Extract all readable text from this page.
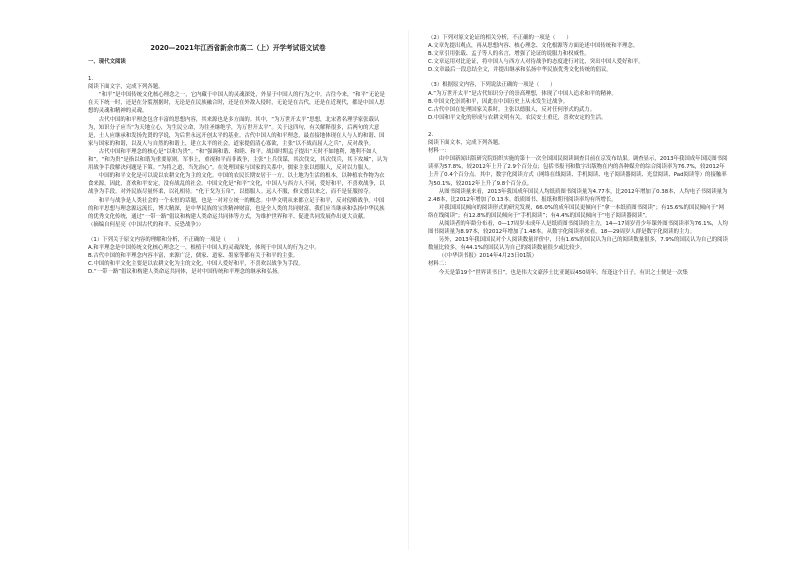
2020—2021年江西省新余市高二（上）开学考试语文试卷

一、现代文阅读

1.

阅读下面文字，完成下列各题。

“和平”是中国传统文化核心理念之一，它内藏于中国人的灵魂深处，外显于中国人的行为之中。古往今来，“和平”无论是在天下统一时，还是在分裂割据时，无论是在民族融合时，还是在外敌入侵时，无论是在古代，还是在近现代，都是中国人思想的灵魂和精神的灵魂。

古代中国的和平理念包含丰富的思想内容，其来源也是多方面的。其中，“为万世开太平”思想，北宋著名理学家张载认为，知识分子应当“为天地立心，为生民立命，为往圣继绝学，为万世开太平”。关于这四句，有关解释很多，后两句的大意是，士人应继承和发扬先贤的学说，为后世永远开创太平的基业。古代中国人的和平理念，最直接地体现在人与人的和谐、国家与国家的和谐，以及人与自然的和谐上，建立太平的社会。道家提倡清心寡欲，主张“以不战而屈人之兵”，反对战争。

古代中国和平理念的核心是“以和为贵”。“和”强调和谐、和睦、和平。战国时期孟子提出“天时不如地利，地利不如人和”。“和为贵”是指以和谐为重要原则。军事上，重视和平而非战争，主张“上兵伐谋，其次伐交，其次伐兵，其下攻城”，认为用战争手段解决问题是下策。“为将之道，当先治心”。在处理国家与国家的关系中，儒家主张以德服人，反对以力服人。

中国的和平文化是可以说以农耕文化为主的文化。中国的农民长期安居于一方，以土地为生活的根本，以种植农作物为衣食来源，因此，喜欢和平安定，没有战乱的社会。中国文化是“和平”文化，中国人与西方人不同，爱好和平，不喜欢战争，以战争为手段。对外民族尽量怀柔，以礼相待。“化干戈为玉帛”，以德服人。远人不服，修文德以来之，而不是征服掠夺。

和平与战争是人类社会的一个永恒的话题，也是一对对立统一的概念。中华文明从来都立足于和平，反对侵略战争。中国的和平思想与理念源远流长，博大精深，是中华民族的宝贵精神财富，也是全人类的共同财富。我们应当继承和弘扬中华民族的优秀文化传统，通过“一带一路”倡议和构建人类命运共同体等方式，为维护世界和平、促进共同发展作出更大贡献。

（摘编自何星亮《中国古代的和平、反恐战争》）

（1）下列关于原文内容的理解和分析，不正确的一项是（　　）

A.和平理念是中国传统文化核心理念之一，根植于中国人的灵魂深处，体现于中国人的行为之中。

B.古代中国的和平理念内容丰富，来源广泛，儒家、道家、墨家等都有关于和平的主张。

C.中国的和平文化主要是以农耕文化为主的文化，中国人爱好和平，不喜欢以战争为手段。

D.“一带一路”倡议和构建人类命运共同体，是对中国传统和平理念的继承和弘扬。

（2）下列对原文论证的相关分析，不正确的一项是（　　）

A.文章先提出观点，再从思想内容、核心理念、文化根源等方面论述中国传统和平理念。

B.文章引用张载、孟子等人的名言，增强了论证的说服力和权威性。

C.文章运用对比论证，将中国人与西方人对待战争的态度进行对比，突出中国人爱好和平。

D.文章最后一段总结全文，并提出继承和弘扬中华民族优秀文化传统的倡议。

（3）根据原文内容，下列说法正确的一项是（　　）

A.“为万世开太平”是古代知识分子的崇高理想，体现了中国人追求和平的精神。

B.中国文化崇尚和平，因此在中国历史上从未发生过战争。

C.古代中国在处理国家关系时，主张以德服人，反对任何形式的武力。

D.中国和平文化的形成与农耕文明有关，农民安土重迁，喜欢安定的生活。

2.

阅读下面文本，完成下列各题。

材料一：

由中国新闻出版研究院组织实施的第十一次全国国民阅读调查目前在京发布结果。调查显示，2013年我国成年国民图书阅读率为57.8%，较2012年上升了2.9个百分点；包括书报刊和数字出版物在内的各种媒介的综合阅读率为76.7%，较2012年上升了0.4个百分点。其中，数字化阅读方式（网络在线阅读、手机阅读、电子阅读器阅读、光盘阅读、Pad阅读等）的接触率为50.1%，较2012年上升了9.8个百分点。

从图书阅读量来看，2013年我国成年国民人均纸质图书阅读量为4.77本，比2012年增加了0.38本，人均电子书阅读量为2.48本，比2012年增加了0.13本。纸质图书、报纸和期刊阅读率均有所增长。

对我国国民倾向的阅读形式的研究发现，66.0%的成年国民更倾向于“拿一本纸质图书阅读”；有15.6%的国民倾向于“网络在线阅读”；有12.8%的国民倾向于“手机阅读”；有4.4%的国民倾向于“电子阅读器阅读”。

从阅读者的年龄分布看，0—17周岁未成年人是纸质图书阅读的主力，14—17周岁青少年课外图书阅读率为76.1%，人均图书阅读量为8.97本，较2012年增加了1.48本。从数字化阅读率来看，18—29周岁人群是数字化阅读的主力。

另外，2013年我国国民对个人阅读数量评价中，只有1.6%的国民认为自己的阅读数量很多，7.9%的国民认为自己的阅读数量比较多，有44.1%的国民认为自己的阅读数量很少或比较少。

（《中华读书报》2014年4月23日01版）

材料二：

今天是第19个“世界读书日”，也是伟大文豪莎士比亚诞辰450周年。每逢这个日子，有识之士便是一次集
